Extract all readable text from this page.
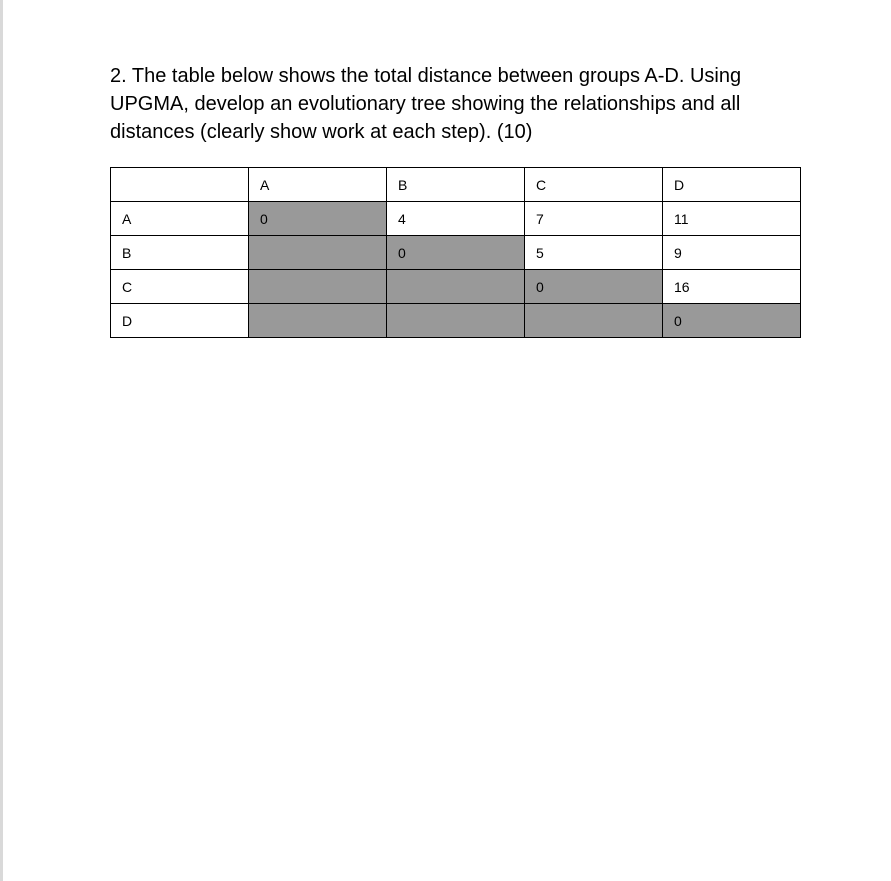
2. The table below shows the total distance between groups A-D. Using UPGMA, develop an evolutionary tree showing the relationships and all distances (clearly show work at each step). (10)

	A	B	C	D
A	0	4	7	11
B		0	5	9
C			0	16
D				0
